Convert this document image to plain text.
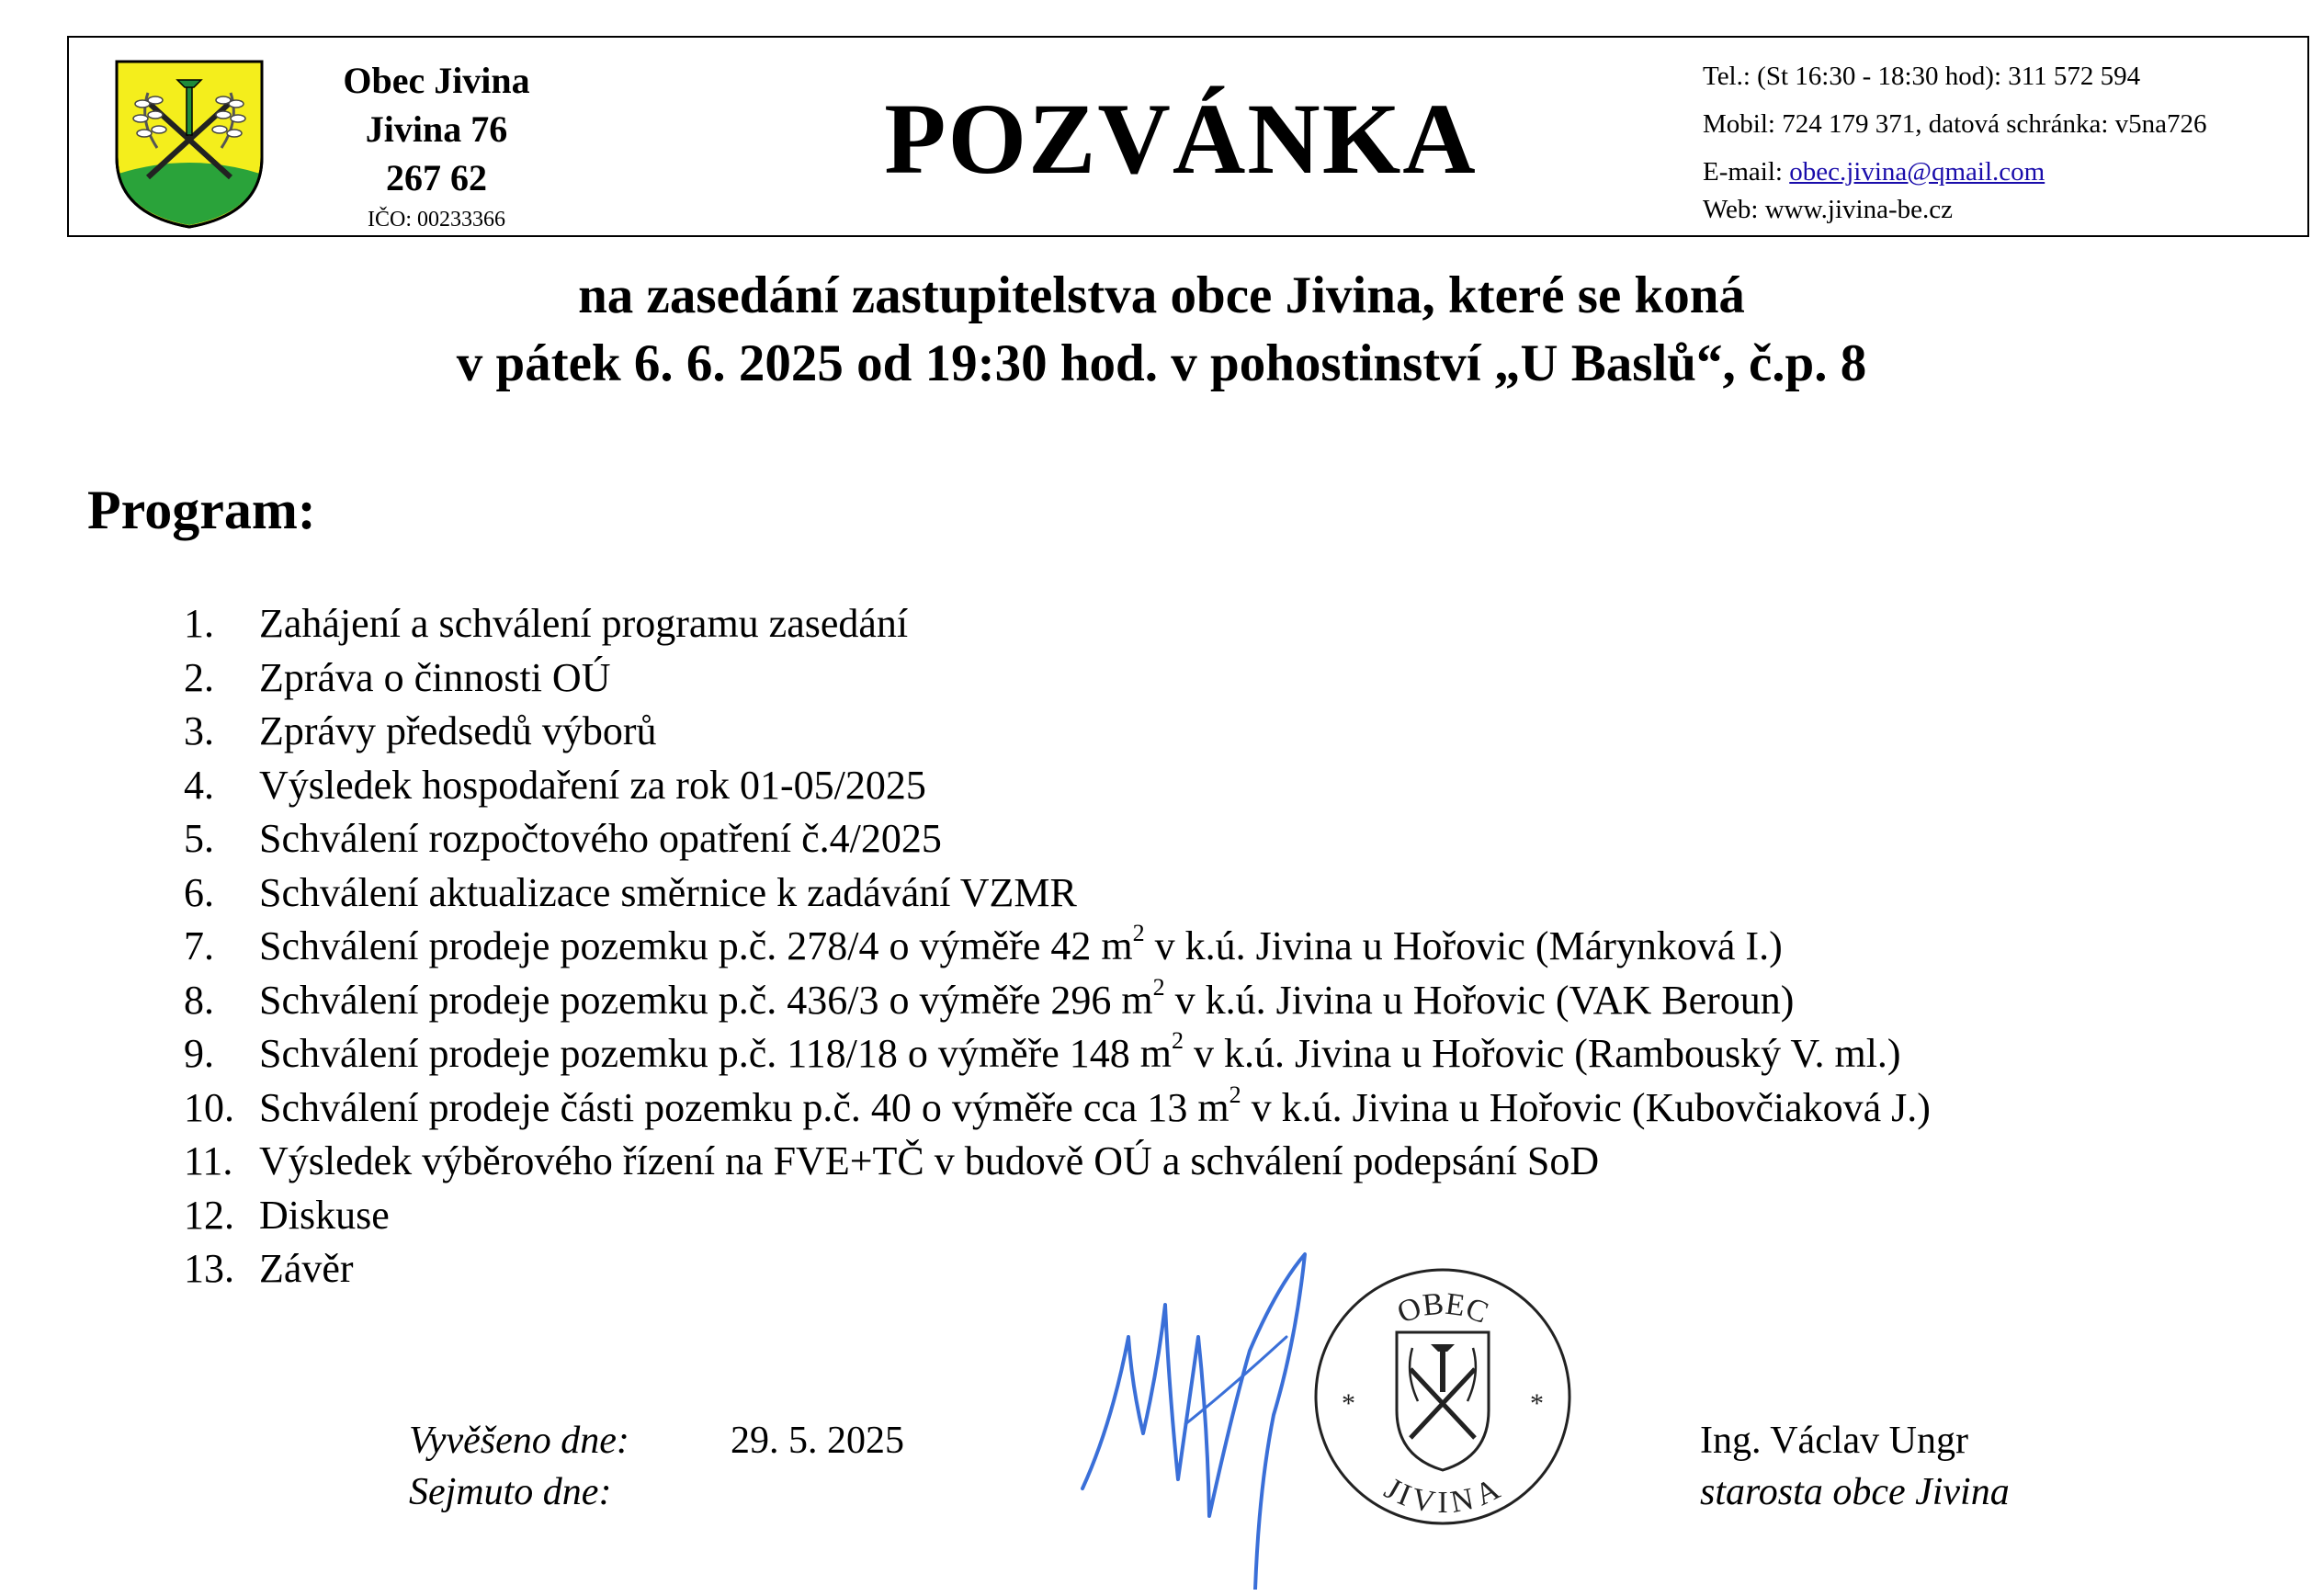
Obec Jivina
Jivina 76
267 62
IČO: 00233366
POZVÁNKA
Tel.: (St 16:30 - 18:30 hod): 311 572 594
Mobil: 724 179 371, datová schránka: v5na726
E-mail: obec.jivina@qmail.com
Web: www.jivina-be.cz
na zasedání zastupitelstva obce Jivina, které se koná
v pátek 6. 6. 2025 od 19:30 hod. v pohostinství „U Baslů“, č.p. 8
Program:
1. Zahájení a schválení programu zasedání
2. Zpráva o činnosti OÚ
3. Zprávy předsedů výborů
4. Výsledek hospodaření za rok 01-05/2025
5. Schválení rozpočtového opatření č.4/2025
6. Schválení aktualizace směrnice k zadávání VZMR
7. Schválení prodeje pozemku p.č. 278/4 o výměře 42 $m^2$ v k.ú. Jivina u Hořovic (Márynková I.)
8. Schválení prodeje pozemku p.č. 436/3 o výměře 296 $m^2$ v k.ú. Jivina u Hořovic (VAK Beroun)
9. Schválení prodeje pozemku p.č. 118/18 o výměře 148 $m^2$ v k.ú. Jivina u Hořovic (Rambouský V. ml.)
10. Schválení prodeje části pozemku p.č. 40 o výměře cca 13 $m^2$ v k.ú. Jivina u Hořovic (Kubovčiaková J.)
11. Výsledek výběrového řízení na FVE+TČ v budově OÚ a schválení podepsání SoD
12. Diskuse
13. Závěr
Vyvěšeno dne:	29. 5. 2025
Sejmuto dne:
OBEC
JIVINA
*	*
Ing. Václav Ungr
starosta obce Jivina
